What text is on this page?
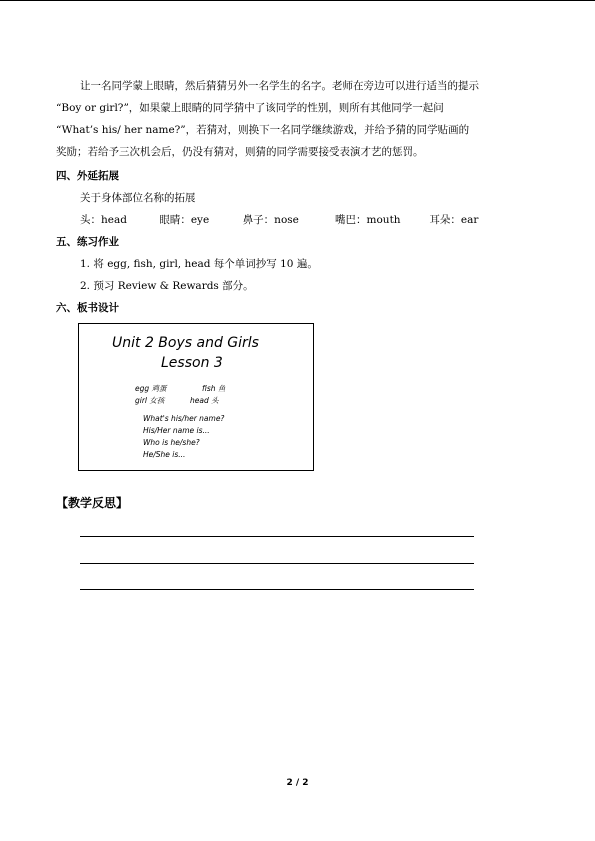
让一名同学蒙上眼睛，然后猜猜另外一名学生的名字。老师在旁边可以进行适当的提示

“Boy or girl?”，如果蒙上眼睛的同学猜中了该同学的性别，则所有其他同学一起问

“What’s his/ her name?”，若猜对，则换下一名同学继续游戏，并给予猜的同学贴画的

奖励；若给予三次机会后，仍没有猜对，则猜的同学需要接受表演才艺的惩罚。

四、外延拓展
关于身体部位名称的拓展
头：head	眼睛：eye	鼻子：nose	嘴巴：mouth	耳朵：ear
五、练习作业
1. 将 egg, fish, girl, head 每个单词抄写 10 遍。
2. 预习 Review & Rewards 部分。
六、板书设计
Unit 2 Boys and Girls
Lesson 3
egg 鸡蛋	fish 鱼
girl 女孩	head 头
What's his/her name?
His/Her name is...
Who is he/she?
He/She is...
【教学反思】
2 / 2
